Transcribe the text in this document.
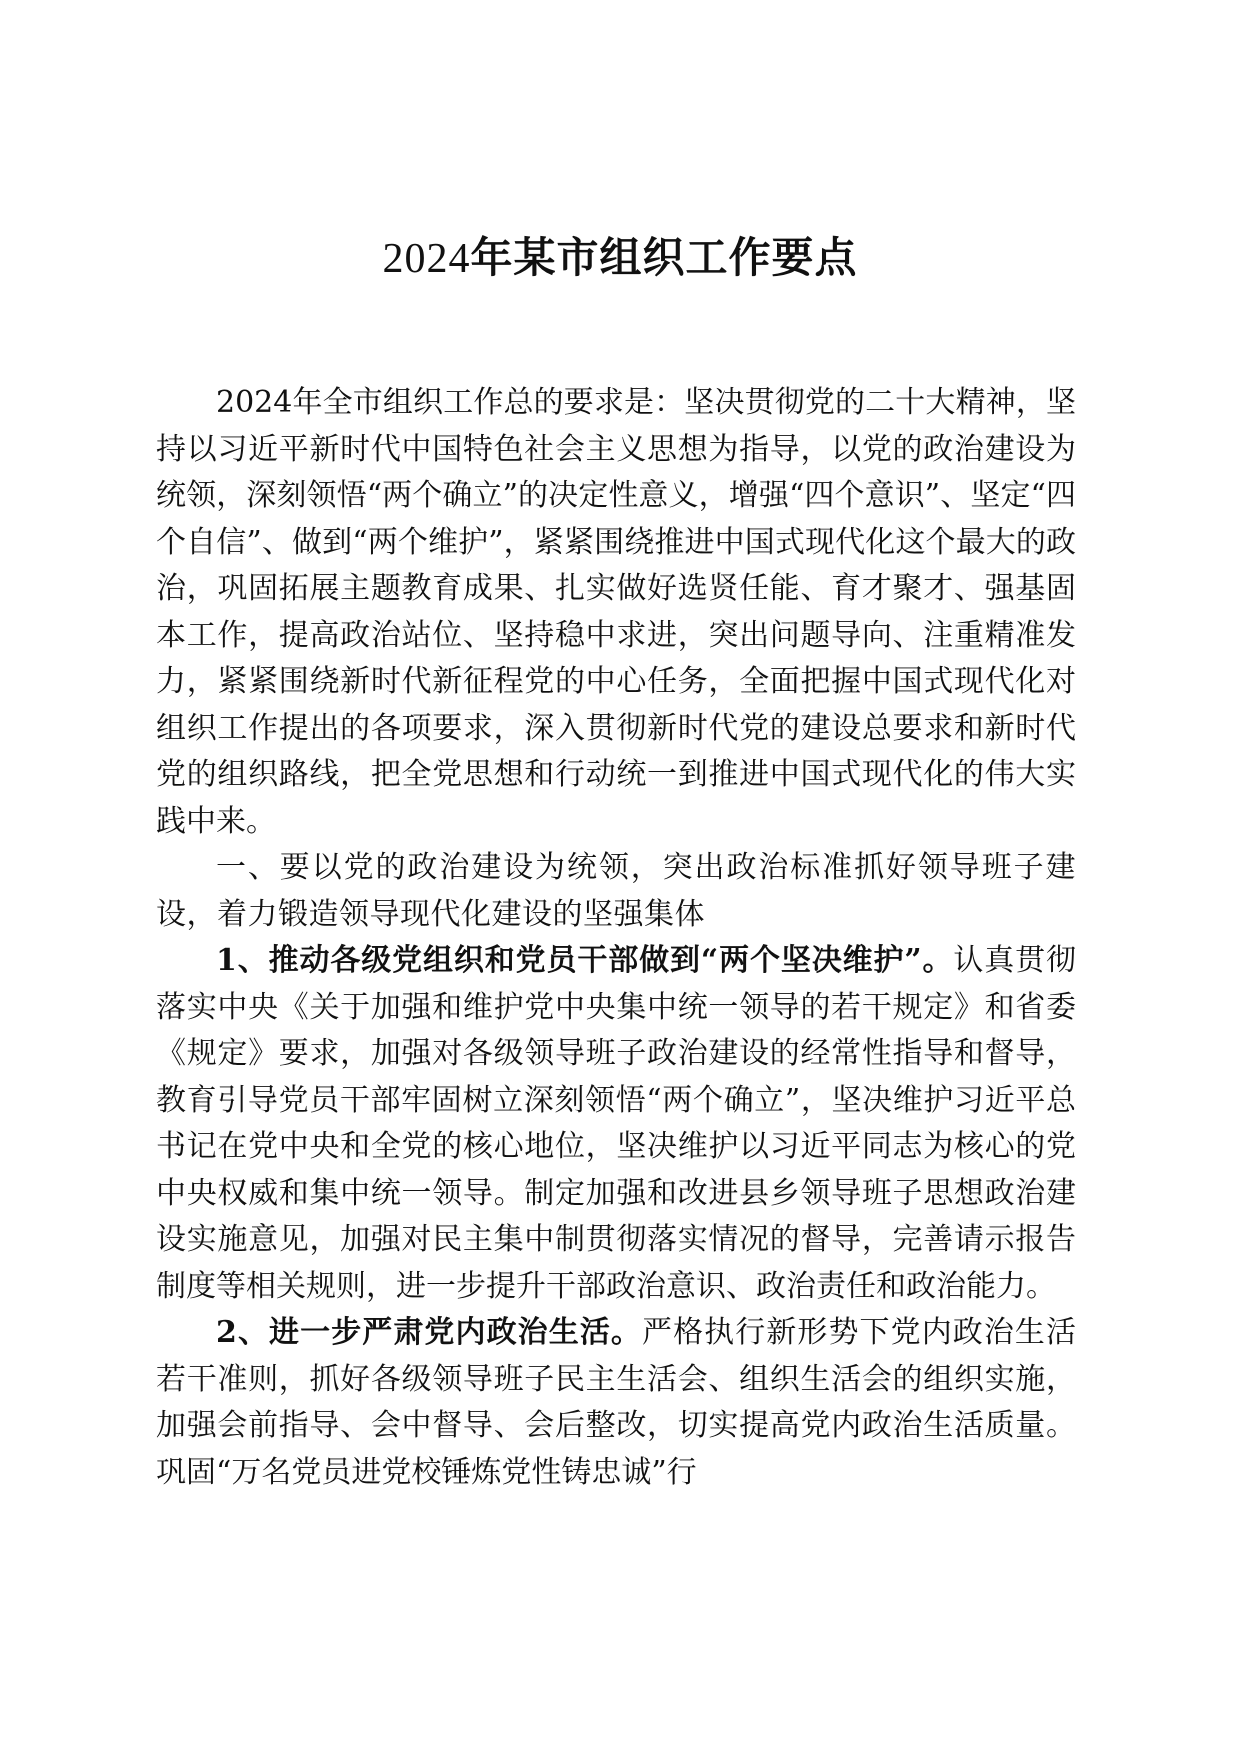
2024年某市组织工作要点

2024年全市组织工作总的要求是：坚决贯彻党的二十大精神，坚持以习近平新时代中国特色社会主义思想为指导，以党的政治建设为统领，深刻领悟“两个确立”的决定性意义，增强“四个意识”、坚定“四个自信”、做到“两个维护”，紧紧围绕推进中国式现代化这个最大的政治，巩固拓展主题教育成果、扎实做好选贤任能、育才聚才、强基固本工作，提高政治站位、坚持稳中求进，突出问题导向、注重精准发力，紧紧围绕新时代新征程党的中心任务，全面把握中国式现代化对组织工作提出的各项要求，深入贯彻新时代党的建设总要求和新时代党的组织路线，把全党思想和行动统一到推进中国式现代化的伟大实践中来。

一、要以党的政治建设为统领，突出政治标准抓好领导班子建设，着力锻造领导现代化建设的坚强集体

1、推动各级党组织和党员干部做到“两个坚决维护”。认真贯彻落实中央《关于加强和维护党中央集中统一领导的若干规定》和省委《规定》要求，加强对各级领导班子政治建设的经常性指导和督导，教育引导党员干部牢固树立深刻领悟“两个确立”，坚决维护习近平总书记在党中央和全党的核心地位，坚决维护以习近平同志为核心的党中央权威和集中统一领导。制定加强和改进县乡领导班子思想政治建设实施意见，加强对民主集中制贯彻落实情况的督导，完善请示报告制度等相关规则，进一步提升干部政治意识、政治责任和政治能力。

2、进一步严肃党内政治生活。严格执行新形势下党内政治生活若干准则，抓好各级领导班子民主生活会、组织生活会的组织实施，加强会前指导、会中督导、会后整改，切实提高党内政治生活质量。巩固“万名党员进党校锤炼党性铸忠诚”行
